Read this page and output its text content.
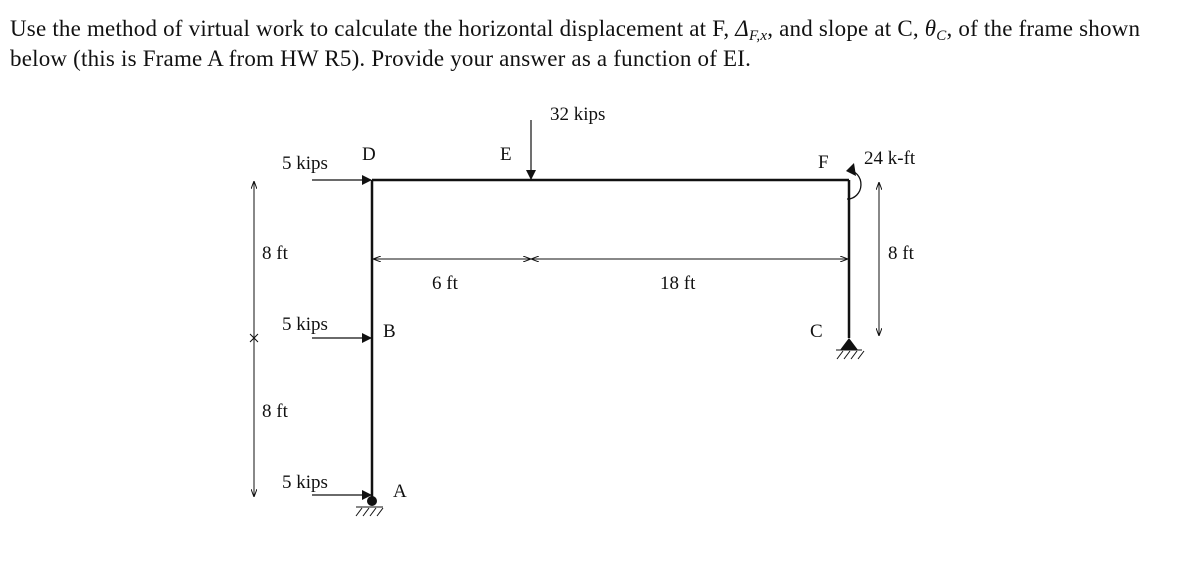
Use the method of virtual work to calculate the horizontal displacement at F, $\Delta_{F,x}$, and slope at C, $\theta_C$, of the frame shown below (this is Frame A from HW R5). Provide your answer as a function of EI.
D	E	F
B	C
A
32 kips
5 kips
5 kips
5 kips
24 k-ft
8 ft
8 ft
8 ft
6 ft	18 ft
